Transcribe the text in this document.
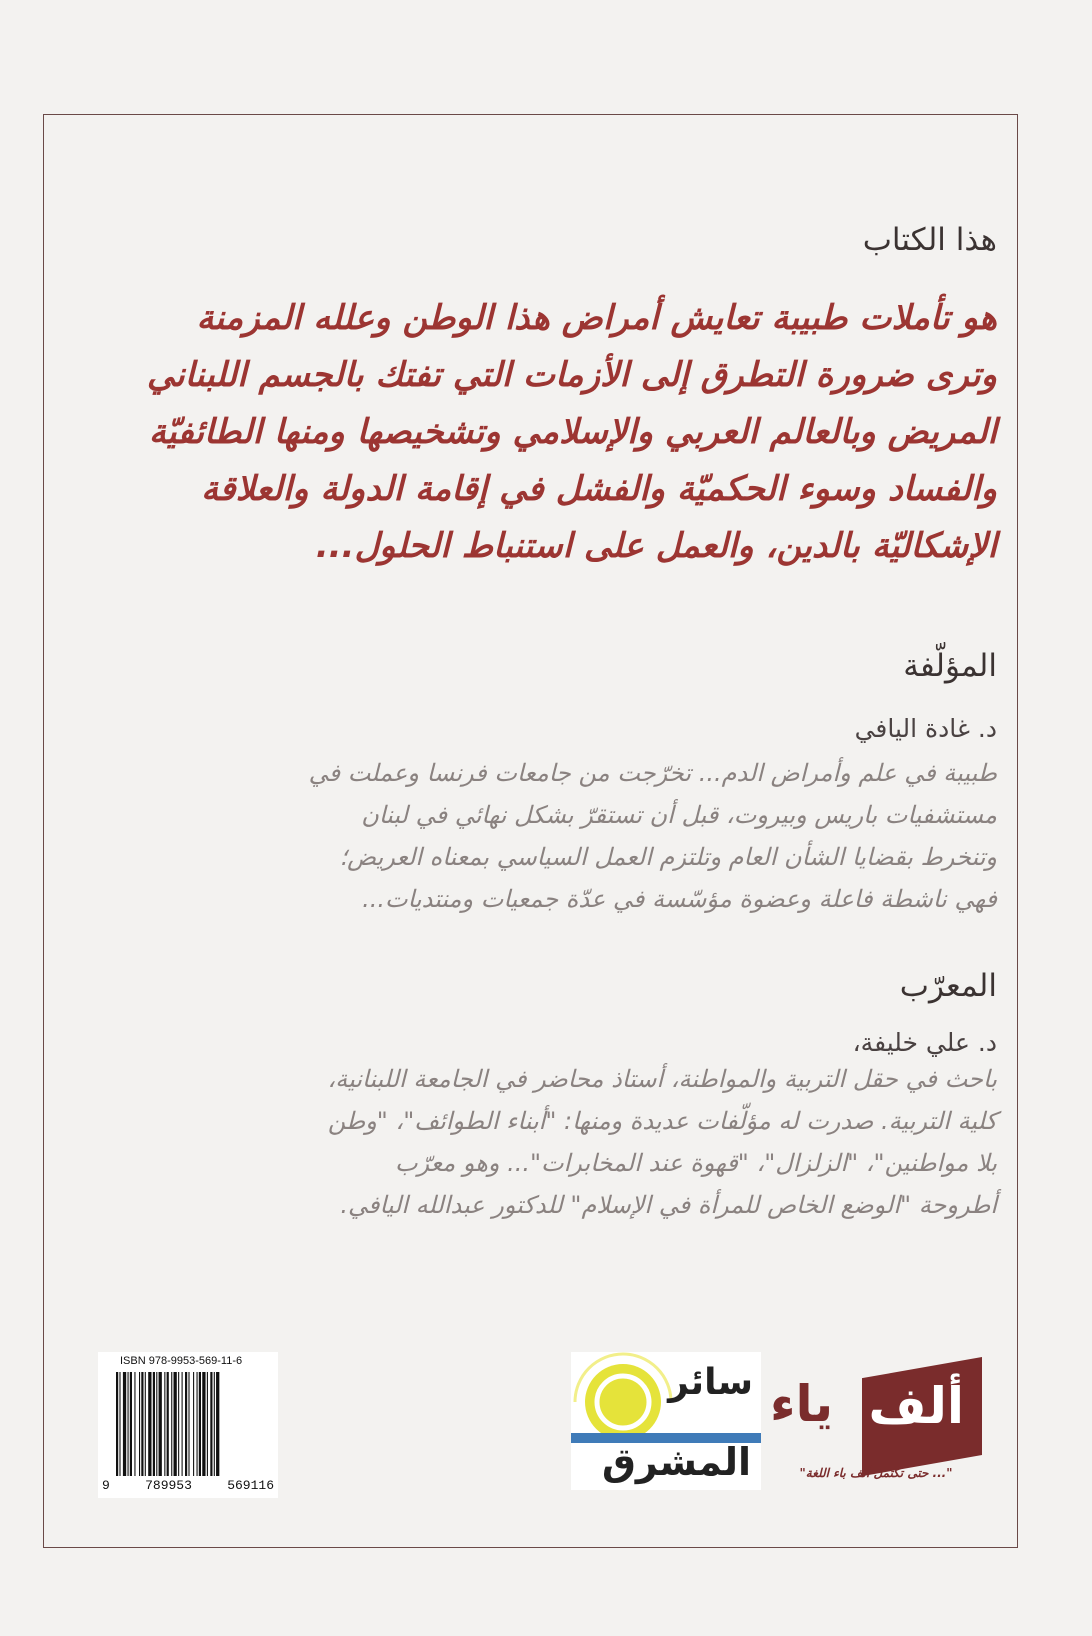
هذا الكتاب
هو تأملات طبيبة تعايش أمراض هذا الوطن وعلله المزمنة
وترى ضرورة التطرق إلى الأزمات التي تفتك بالجسم اللبناني
المريض وبالعالم العربي والإسلامي وتشخيصها ومنها الطائفيّة
والفساد وسوء الحكميّة والفشل في إقامة الدولة والعلاقة
الإشكاليّة بالدين، والعمل على استنباط الحلول...
المؤلّفة
د. غادة اليافي
طبيبة في علم وأمراض الدم... تخرّجت من جامعات فرنسا وعملت في
مستشفيات باريس وبيروت، قبل أن تستقرّ بشكل نهائي في لبنان
وتنخرط بقضايا الشأن العام وتلتزم العمل السياسي بمعناه العريض؛
فهي ناشطة فاعلة وعضوة مؤسّسة في عدّة جمعيات ومنتديات...
المعرّب
د. علي خليفة،
باحث في حقل التربية والمواطنة، أستاذ محاضر في الجامعة اللبنانية،
كلية التربية. صدرت له مؤلّفات عديدة ومنها: "أبناء الطوائف"، "وطن
بلا مواطنين"، "الزلزال"، "قهوة عند المخابرات"... وهو معرّب
أطروحة "الوضع الخاص للمرأة في الإسلام" للدكتور عبدالله اليافي.
ISBN 978-9953-569-11-6
9	789953	569116
سائر
المشرق
ألف
ياء
"... حتى تكتمل ألف باء اللغة"
